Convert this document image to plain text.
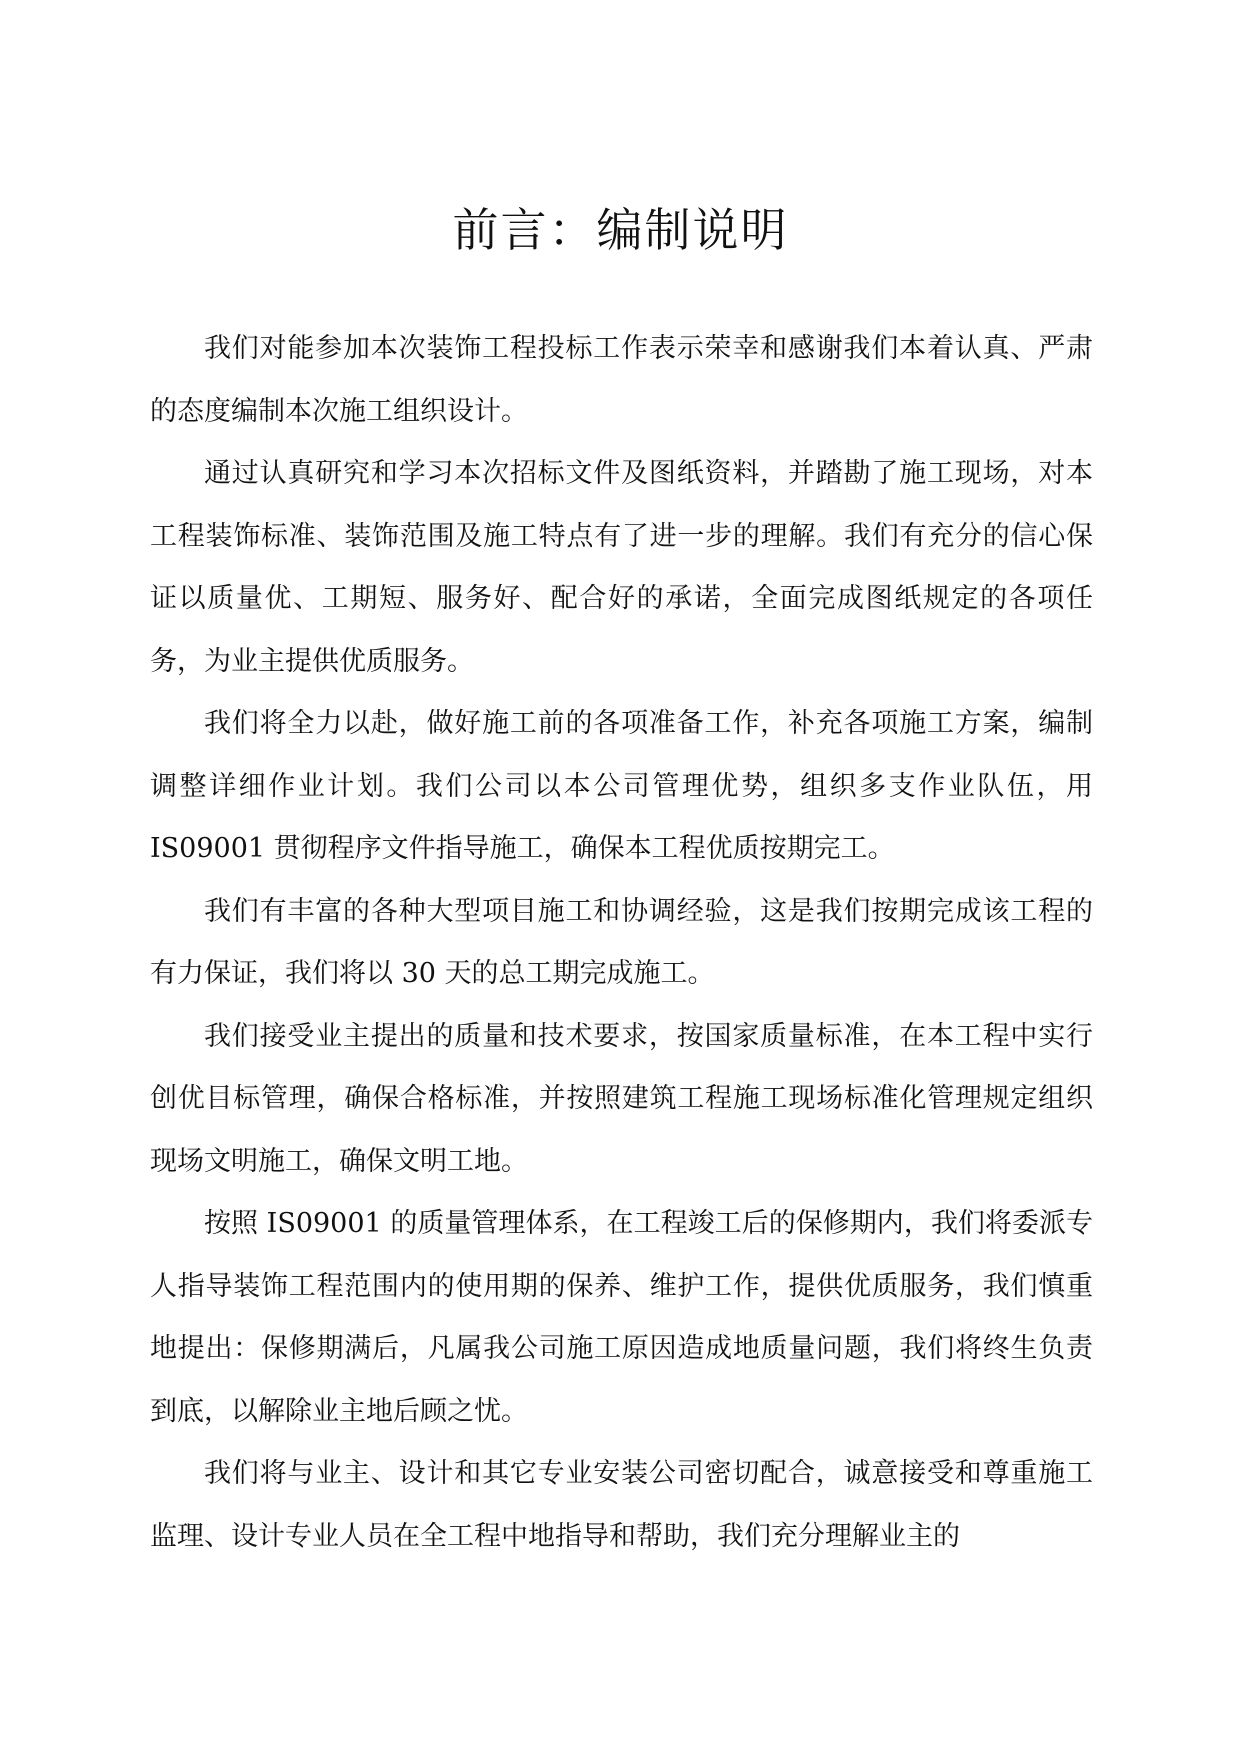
前言：编制说明

我们对能参加本次装饰工程投标工作表示荣幸和感谢我们本着认真、严肃的态度编制本次施工组织设计。

通过认真研究和学习本次招标文件及图纸资料，并踏勘了施工现场，对本工程装饰标准、装饰范围及施工特点有了进一步的理解。我们有充分的信心保证以质量优、工期短、服务好、配合好的承诺，全面完成图纸规定的各项任务，为业主提供优质服务。

我们将全力以赴，做好施工前的各项准备工作，补充各项施工方案，编制调整详细作业计划。我们公司以本公司管理优势，组织多支作业队伍，用 IS09001 贯彻程序文件指导施工，确保本工程优质按期完工。

我们有丰富的各种大型项目施工和协调经验，这是我们按期完成该工程的有力保证，我们将以 30 天的总工期完成施工。

我们接受业主提出的质量和技术要求，按国家质量标准，在本工程中实行创优目标管理，确保合格标准，并按照建筑工程施工现场标准化管理规定组织现场文明施工，确保文明工地。

按照 IS09001 的质量管理体系，在工程竣工后的保修期内，我们将委派专人指导装饰工程范围内的使用期的保养、维护工作，提供优质服务，我们慎重地提出：保修期满后，凡属我公司施工原因造成地质量问题，我们将终生负责到底，以解除业主地后顾之忧。

我们将与业主、设计和其它专业安装公司密切配合，诚意接受和尊重施工监理、设计专业人员在全工程中地指导和帮助，我们充分理解业主的
